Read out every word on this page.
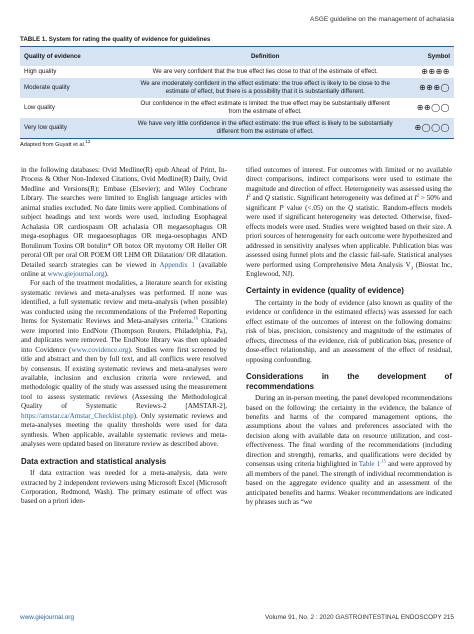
ASGE guideline on the management of achalasia
TABLE 1. System for rating the quality of evidence for guidelines
Quality of evidence	Definition	Symbol
High quality	We are very confident that the true effect lies close to that of the estimate of effect.	⊕⊕⊕⊕
Moderate quality	We are moderately confident in the effect estimate: the true effect is likely to be close to the estimate of effect, but there is a possibility that it is substantially different.	⊕⊕⊕◯
Low quality	Our confidence in the effect estimate is limited: the true effect may be substantially different from the estimate of effect.	⊕⊕◯◯
Very low quality	We have very little confidence in the effect estimate: the true effect is likely to be substantially different from the estimate of effect.	⊕◯◯◯
Adapted from Guyatt et al.$^{12}$

in the following databases: Ovid Medline(R) epub Ahead of Print, In-Process & Other Non-Indexed Citations, Ovid Medline(R) Daily, Ovid Medline and Versions(R); Embase (Elsevier); and Wiley Cochrane Library. The searches were limited to English language articles with animal studies excluded. No date limits were applied. Combinations of subject headings and text words were used, including Esophageal Achalasia OR cardiospasm OR achalasia OR megaesophagus OR mega-esophagus OR megaoesophagus OR mega-oesophagus AND Botulinum Toxins OR botulin* OR botox OR myotomy OR Heller OR peroral OR per oral OR POEM OR LHM OR Dilatation/ OR dilatation. Detailed search strategies can be viewed in Appendix 1 (available online at www.giejournal.org).

For each of the treatment modalities, a literature search for existing systematic reviews and meta-analyses was performed. If none was identified, a full systematic review and meta-analysis (when possible) was conducted using the recommendations of the Preferred Reporting Items for Systematic Reviews and Meta-analyses criteria.$^{16}$ Citations were imported into EndNote (Thompson Reuters, Philadelphia, Pa), and duplicates were removed. The EndNote library was then uploaded into Covidence (www.covidence.org). Studies were first screened by title and abstract and then by full text, and all conflicts were resolved by consensus. If existing systematic reviews and meta-analyses were available, inclusion and exclusion criteria were reviewed, and methodologic quality of the study was assessed using the measurement tool to assess systematic reviews (Assessing the Methodological Quality of Systematic Reviews-2 [AMSTAR-2], https://amstar.ca/Amstar_Checklist.php). Only systematic reviews and meta-analyses meeting the quality thresholds were used for data synthesis. When applicable, available systematic reviews and meta-analyses were updated based on literature review as described above.

Data extraction and statistical analysis

If data extraction was needed for a meta-analysis, data were extracted by 2 independent reviewers using Microsoft Excel (Microsoft Corporation, Redmond, Wash). The primary estimate of effect was based on a priori iden-

tified outcomes of interest. For outcomes with limited or no available direct comparisons, indirect comparisons were used to estimate the magnitude and direction of effect. Heterogeneity was assessed using the $I^2$ and Q statistic. Significant heterogeneity was defined at $I^2 > 50\%$ and significant P value (<.05) on the Q statistic. Random-effects models were used if significant heterogeneity was detected. Otherwise, fixed-effects models were used. Studies were weighted based on their size. A priori sources of heterogeneity for each outcome were hypothesized and addressed in sensitivity analyses when applicable. Publication bias was assessed using funnel plots and the classic fail-safe. Statistical analyses were performed using Comprehensive Meta Analysis $V_3$ (Biostat Inc, Englewood, NJ).

Certainty in evidence (quality of evidence)

The certainty in the body of evidence (also known as quality of the evidence or confidence in the estimated effects) was assessed for each effect estimate of the outcomes of interest on the following domains: risk of bias, precision, consistency and magnitude of the estimates of effects, directness of the evidence, risk of publication bias, presence of dose-effect relationship, and an assessment of the effect of residual, opposing confounding.

Considerations in the development of recommendations

During an in-person meeting, the panel developed recommendations based on the following: the certainty in the evidence, the balance of benefits and harms of the compared management options, the assumptions about the values and preferences associated with the decision along with available data on resource utilization, and cost-effectiveness. The final wording of the recommendations (including direction and strength), remarks, and qualifications were decided by consensus using criteria highlighted in Table $1^{,15}$ and were approved by all members of the panel. The strength of individual recommendation is based on the aggregate evidence quality and an assessment of the anticipated benefits and harms. Weaker recommendations are indicated by phrases such as “we

www.giejournal.org	Volume 91, No. 2 : 2020 GASTROINTESTINAL ENDOSCOPY 215
